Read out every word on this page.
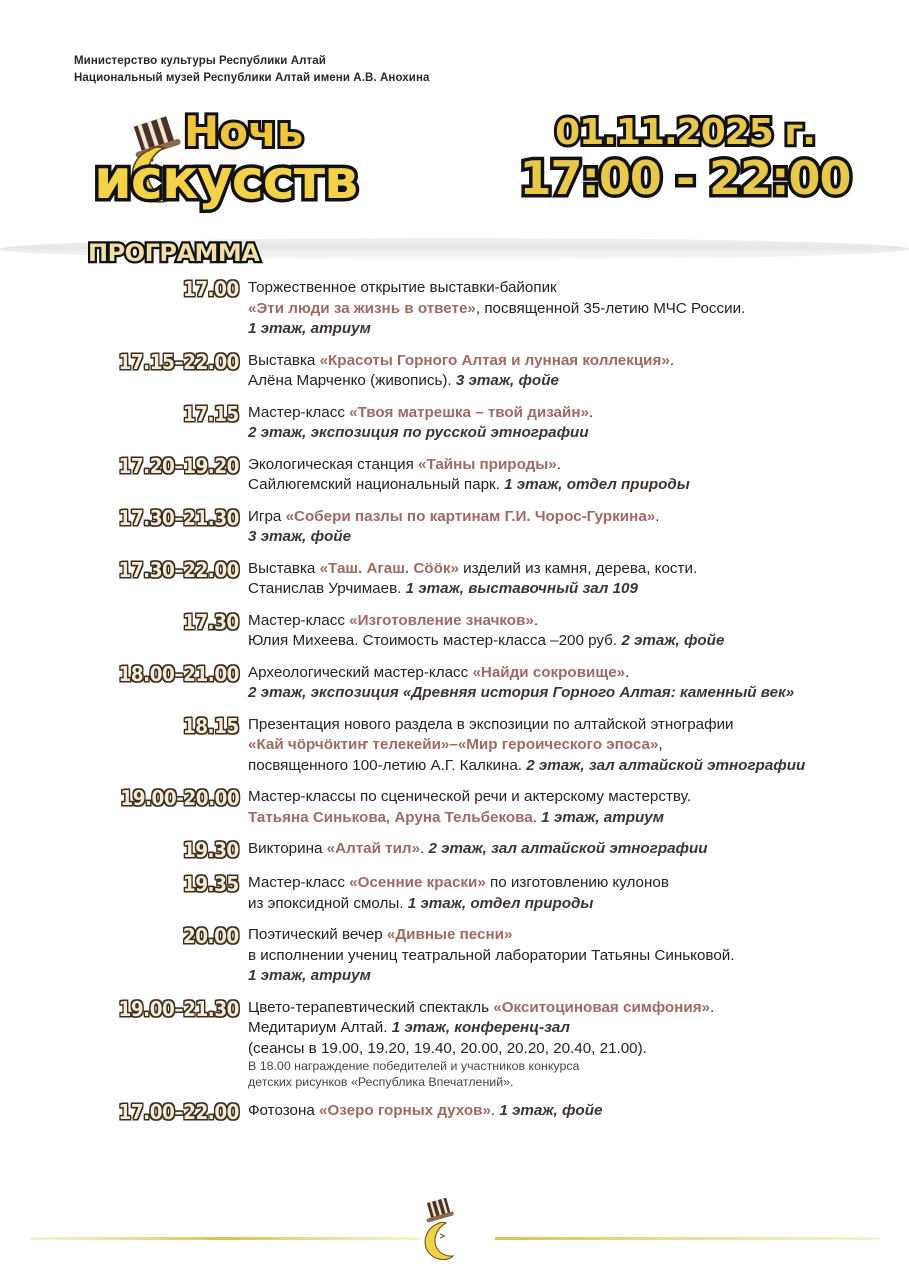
Министерство культуры Республики Алтай
Национальный музей Республики Алтай имени А.В. Анохина
Ночь
искусств
01.11.2025 г.
17:00 - 22:00
ПРОГРАММА
17.00 Торжественное открытие выставки-байопик

«Эти люди за жизнь в ответе», посвященной 35-летию МЧС России.

1 этаж, атриум

17.15–22.00 Выставка «Красоты Горного Алтая и лунная коллекция».

Алёна Марченко (живопись). 3 этаж, фойе

17.15 Мастер-класс «Твоя матрешка – твой дизайн».

2 этаж, экспозиция по русской этнографии

17.20–19.20 Экологическая станция «Тайны природы».

Сайлюгемский национальный парк. 1 этаж, отдел природы

17.30–21.30 Игра «Собери пазлы по картинам Г.И. Чорос-Гуркина».

3 этаж, фойе

17.30–22.00 Выставка «Таш. Агаш. Сööк» изделий из камня, дерева, кости.

Станислав Урчимаев. 1 этаж, выставочный зал 109

17.30 Мастер-класс «Изготовление значков».

Юлия Михеева. Стоимость мастер-класса –200 руб. 2 этаж, фойе

18.00–21.00 Археологический мастер-класс «Найди сокровище».

2 этаж, экспозиция «Древняя история Горного Алтая: каменный век»

18.15 Презентация нового раздела в экспозиции по алтайской этнографии

«Кай чӧрчӧктиҥ телекейи»–«Мир героического эпоса»,

посвященного 100-летию А.Г. Калкина. 2 этаж, зал алтайской этнографии

19.00-20.00 Мастер-классы по сценической речи и актерскому мастерству.

Татьяна Синькова, Аруна Тельбекова. 1 этаж, атриум

19.30 Викторина «Алтай тил». 2 этаж, зал алтайской этнографии

19.35 Мастер-класс «Осенние краски» по изготовлению кулонов

из эпоксидной смолы. 1 этаж, отдел природы

20.00 Поэтический вечер «Дивные песни»

в исполнении учениц театральной лаборатории Татьяны Синьковой.

1 этаж, атриум

19.00–21.30 Цвето-терапевтический спектакль «Окситоциновая симфония».

Медитариум Алтай. 1 этаж, конференц-зал

(сеансы в 19.00, 19.20, 19.40, 20.00, 20.20, 20.40, 21.00).

В 18.00 награждение победителей и участников конкурса

детских рисунков «Республика Впечатлений».

17.00–22.00 Фотозона «Озеро горных духов». 1 этаж, фойе
